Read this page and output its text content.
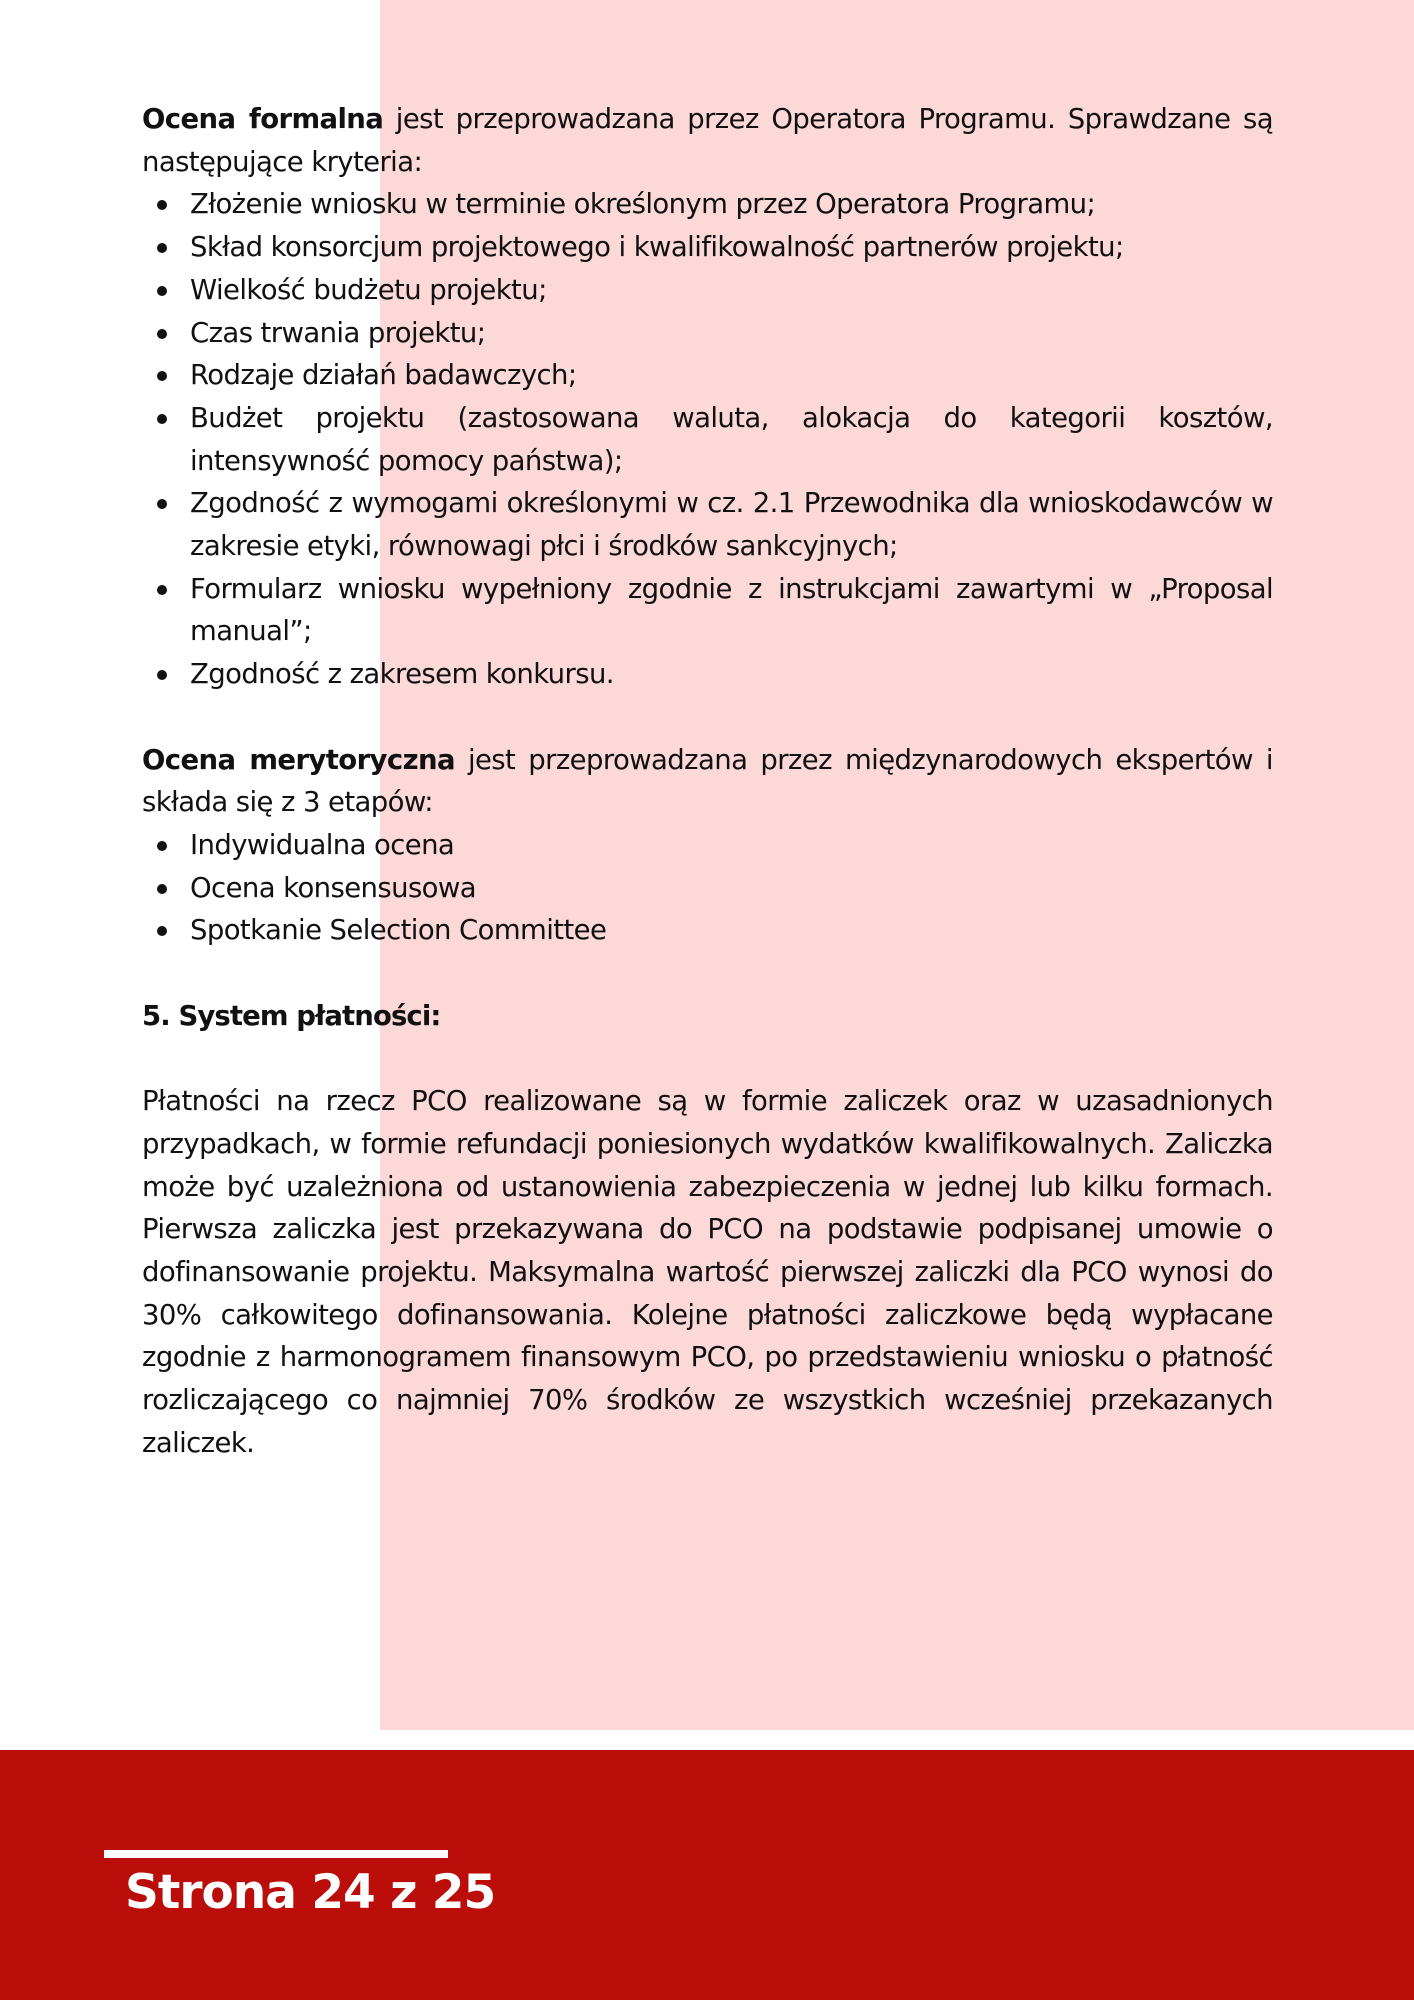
Ocena formalna jest przeprowadzana przez Operatora Programu. Sprawdzane są następujące kryteria:

Złożenie wniosku w terminie określonym przez Operatora Programu;
Skład konsorcjum projektowego i kwalifikowalność partnerów projektu;
Wielkość budżetu projektu;
Czas trwania projektu;
Rodzaje działań badawczych;
Budżet projektu (zastosowana waluta, alokacja do kategorii kosztów, intensywność pomocy państwa);
Zgodność z wymogami określonymi w cz. 2.1 Przewodnika dla wnioskodawców w zakresie etyki, równowagi płci i środków sankcyjnych;
Formularz wniosku wypełniony zgodnie z instrukcjami zawartymi w „Proposal manual”;
Zgodność z zakresem konkursu.

Ocena merytoryczna jest przeprowadzana przez międzynarodowych ekspertów i składa się z 3 etapów:

Indywidualna ocena
Ocena konsensusowa
Spotkanie Selection Committee

5. System płatności:

Płatności na rzecz PCO realizowane są w formie zaliczek oraz w uzasadnionych przypadkach, w formie refundacji poniesionych wydatków kwalifikowalnych. Zaliczka może być uzależniona od ustanowienia zabezpieczenia w jednej lub kilku formach. Pierwsza zaliczka jest przekazywana do PCO na podstawie podpisanej umowie o dofinansowanie projektu. Maksymalna wartość pierwszej zaliczki dla PCO wynosi do 30% całkowitego dofinansowania. Kolejne płatności zaliczkowe będą wypłacane zgodnie z harmonogramem finansowym PCO, po przedstawieniu wniosku o płatność rozliczającego co najmniej 70% środków ze wszystkich wcześniej przekazanych zaliczek.

Strona 24 z 25
